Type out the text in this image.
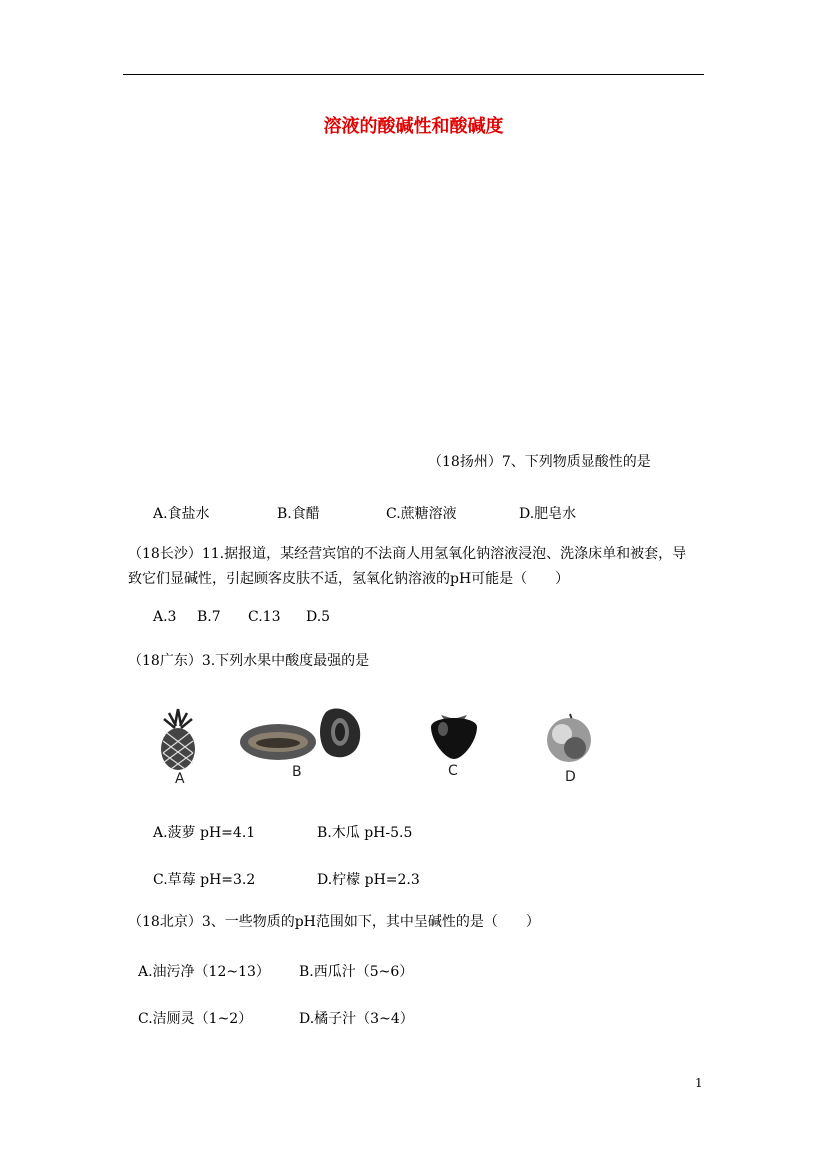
溶液的酸碱性和酸碱度
（18扬州）7、下列物质显酸性的是
A.食盐水	B.食醋	C.蔗糖溶液	D.肥皂水
（18长沙）11.据报道，某经营宾馆的不法商人用氢氧化钠溶液浸泡、洗涤床单和被套，导
致它们显碱性，引起顾客皮肤不适，氢氧化钠溶液的pH可能是（　　）
A.3 B.7 C.13 D.5
（18广东）3.下列水果中酸度最强的是
A	B	C	D
A.菠萝 pH=4.1	B.木瓜 pH-5.5
C.草莓 pH=3.2	D.柠檬 pH=2.3
（18北京）3、一些物质的pH范围如下，其中呈碱性的是（　　）
A.油污净（12~13） B.西瓜汁（5~6）
C.洁厕灵（1~2）	D.橘子汁（3~4）
1
